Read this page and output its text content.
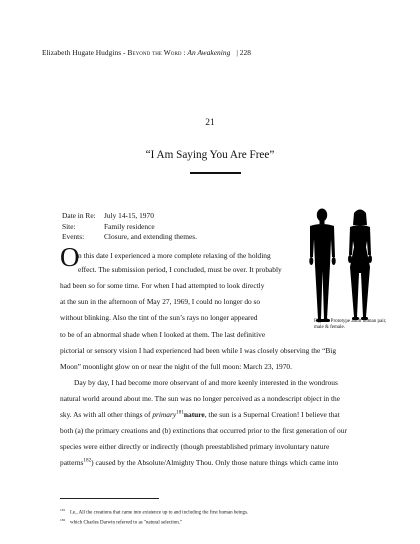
Elizabeth Hugate Hudgins - Beyond the Word : An Awakening | 228
21
“I Am Saying You Are Free”
Date in Re:	July 14-15, 1970
Site:	Family residence
Events:	Closure, and extending themes.
Fig. 87. Prototype adult human pair, male & female.
O
n this date I experienced a more complete relaxing of the holding
effect. The submission period, I concluded, must be over. It probably
had been so for some time. For when I had attempted to look directly
at the sun in the afternoon of May 27, 1969, I could no longer do so
without blinking. Also the tint of the sun’s rays no longer appeared
to be of an abnormal shade when I looked at them. The last definitive
pictorial or sensory vision I had experienced had been while I was closely observing the “Big
Moon” moonlight glow on or near the night of the full moon: March 23, 1970.
Day by day, I had become more observant of and more keenly interested in the wondrous
natural world around about me. The sun was no longer perceived as a nondescript object in the
sky. As with all other things of primary$^{181}$nature, the sun is a Supernal Creation! I believe that
both (a) the primary creations and (b) extinctions that occurred prior to the first generation of our
species were either directly or indirectly (though preestablished primary involuntary nature
patterns$^{182}$) caused by the Absolute/Almighty Thou. Only those nature things which came into
$^{181}$I.e., All the creations that came into existence up to and including the first human beings.
$^{182}$which Charles Darwin referred to as "natural selection."
